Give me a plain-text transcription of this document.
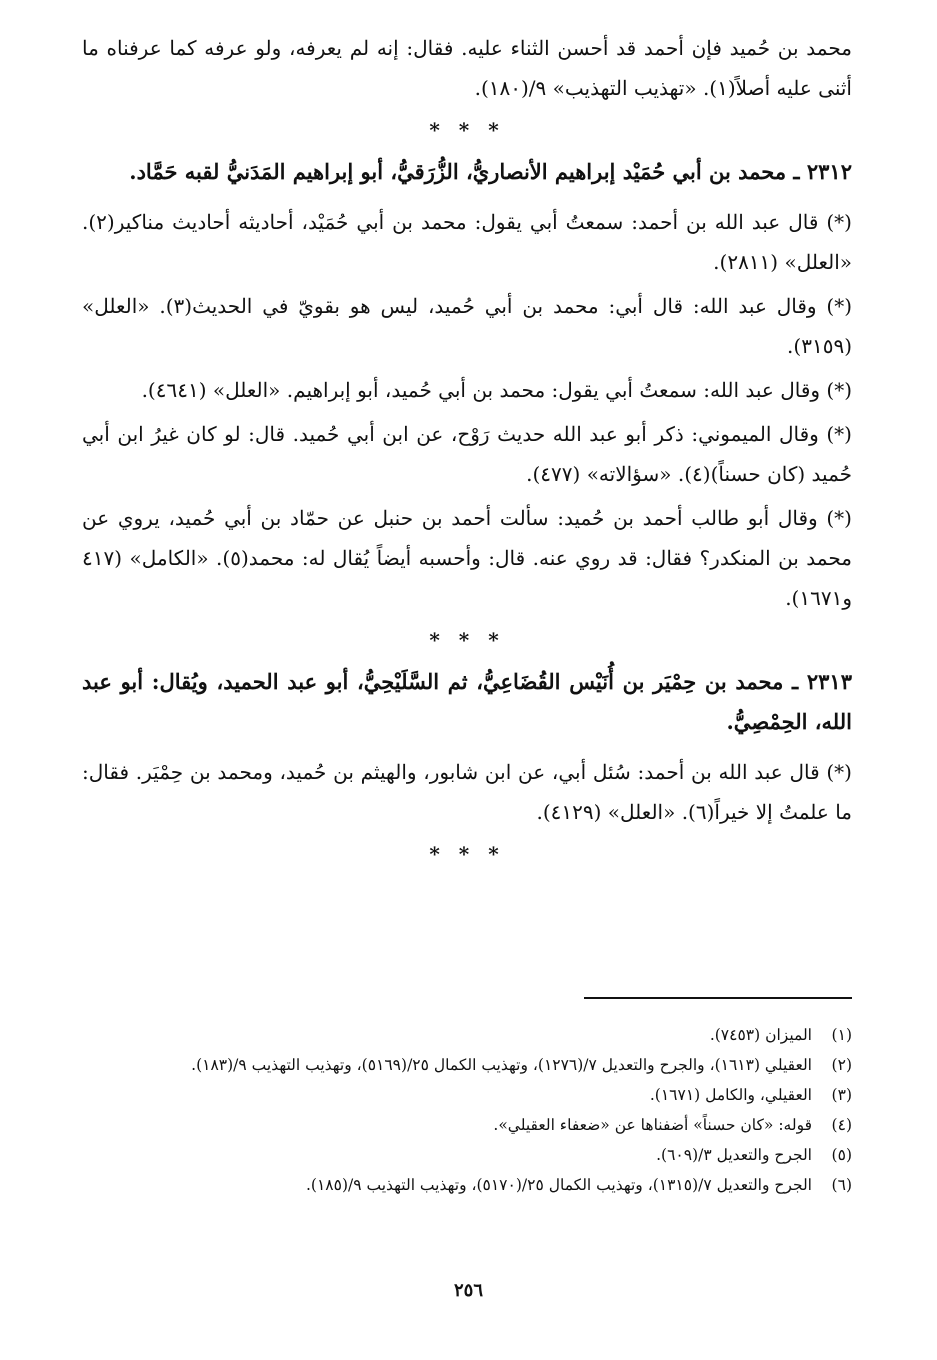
محمد بن حُميد فإن أحمد قد أحسن الثناء عليه. فقال: إنه لم يعرفه، ولو عرفه كما عرفناه ما أثنى عليه أصلاً(١). «تهذيب التهذيب» ٩/(١٨٠).

* * *

٢٣١٢ ـ محمد بن أبي حُمَيْد إبراهيم الأنصاريُّ، الزُّرَقيُّ، أبو إبراهيم المَدَنيُّ لقبه حَمَّاد.

(*) قال عبد الله بن أحمد: سمعتُ أبي يقول: محمد بن أبي حُمَيْد، أحاديثه أحاديث مناكير(٢). «العلل» (٢٨١١).

(*) وقال عبد الله: قال أبي: محمد بن أبي حُميد، ليس هو بقويّ في الحديث(٣). «العلل» (٣١٥٩).

(*) وقال عبد الله: سمعتُ أبي يقول: محمد بن أبي حُميد، أبو إبراهيم. «العلل» (٤٦٤١).

(*) وقال الميموني: ذكر أبو عبد الله حديث رَوْح، عن ابن أبي حُميد. قال: لو كان غيرُ ابن أبي حُميد (كان حسناً)(٤). «سؤالاته» (٤٧٧).

(*) وقال أبو طالب أحمد بن حُميد: سألت أحمد بن حنبل عن حمّاد بن أبي حُميد، يروي عن محمد بن المنكدر؟ فقال: قد روي عنه. قال: وأحسبه أيضاً يُقال له: محمد(٥). «الكامل» (٤١٧ و١٦٧١).

* * *

٢٣١٣ ـ محمد بن حِمْيَر بن أُنَيْس القُضَاعِيُّ، ثم السَّلَيْحِيُّ، أبو عبد الحميد، ويُقال: أبو عبد الله، الحِمْصِيُّ.

(*) قال عبد الله بن أحمد: سُئل أبي، عن ابن شابور، والهيثم بن حُميد، ومحمد بن حِمْيَر. فقال: ما علمتُ إلا خيراً(٦). «العلل» (٤١٢٩).

* * *
(١)
الميزان (٧٤٥٣).
(٢)
العقيلي (١٦١٣)، والجرح والتعديل ٧/(١٢٧٦)، وتهذيب الكمال ٢٥/(٥١٦٩)، وتهذيب التهذيب ٩/(١٨٣).
(٣)
العقيلي، والكامل (١٦٧١).
(٤)
قوله: «كان حسناً» أضفناها عن «ضعفاء العقيلي».
(٥)
الجرح والتعديل ٣/(٦٠٩).
(٦)
الجرح والتعديل ٧/(١٣١٥)، وتهذيب الكمال ٢٥/(٥١٧٠)، وتهذيب التهذيب ٩/(١٨٥).
٢٥٦
